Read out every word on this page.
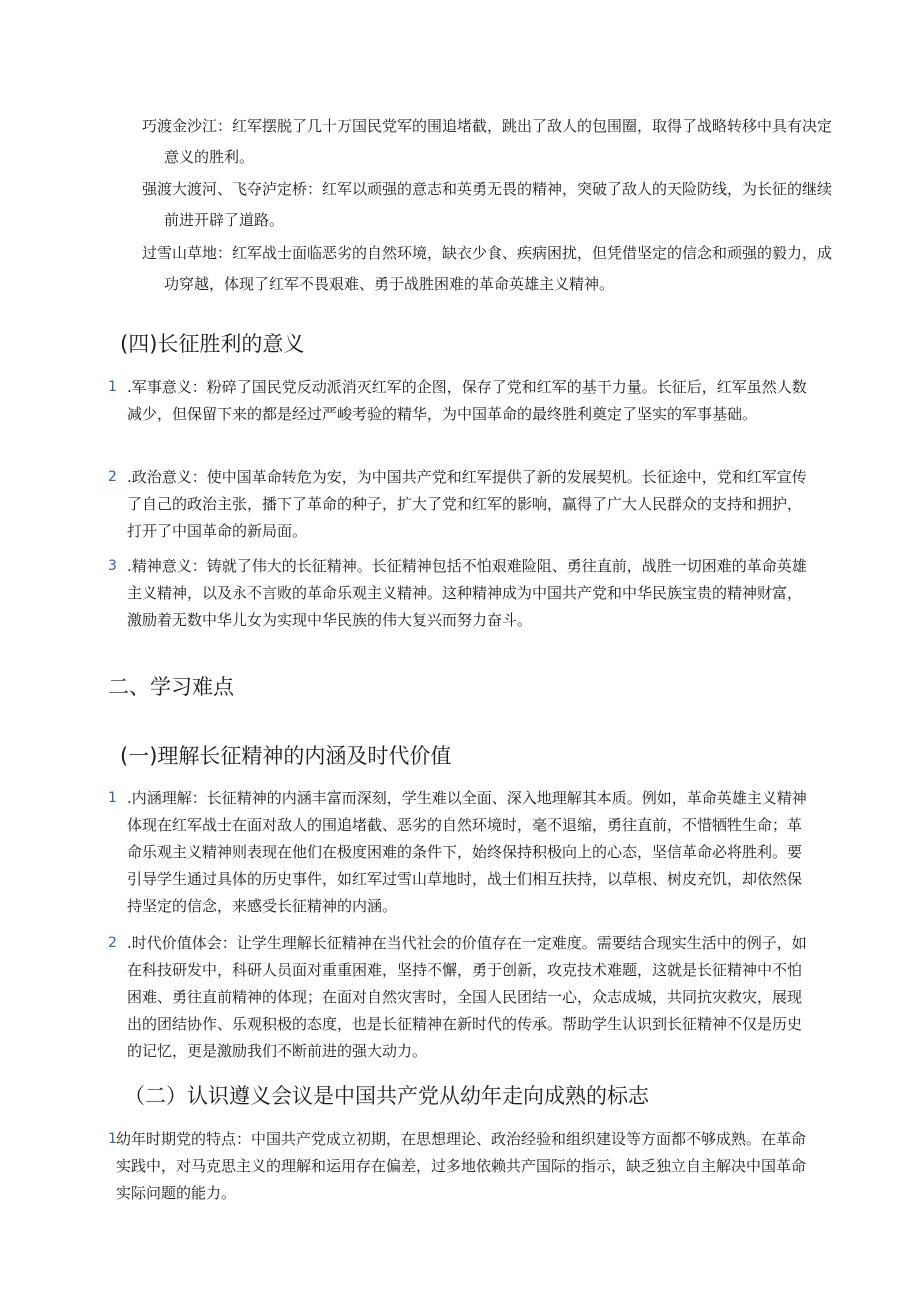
巧渡金沙江：红军摆脱了几十万国民党军的围追堵截，跳出了敌人的包围圈，取得了战略转移中具有决定意义的胜利。
强渡大渡河、飞夺泸定桥：红军以顽强的意志和英勇无畏的精神，突破了敌人的天险防线，为长征的继续前进开辟了道路。
过雪山草地：红军战士面临恶劣的自然环境，缺衣少食、疾病困扰，但凭借坚定的信念和顽强的毅力，成功穿越，体现了红军不畏艰难、勇于战胜困难的革命英雄主义精神。
(四)长征胜利的意义
1 .军事意义：粉碎了国民党反动派消灭红军的企图，保存了党和红军的基干力量。长征后，红军虽然人数减少，但保留下来的都是经过严峻考验的精华，为中国革命的最终胜利奠定了坚实的军事基础。
2 .政治意义：使中国革命转危为安，为中国共产党和红军提供了新的发展契机。长征途中，党和红军宣传了自己的政治主张，播下了革命的种子，扩大了党和红军的影响，赢得了广大人民群众的支持和拥护，打开了中国革命的新局面。
3 .精神意义：铸就了伟大的长征精神。长征精神包括不怕艰难险阻、勇往直前，战胜一切困难的革命英雄主义精神，以及永不言败的革命乐观主义精神。这种精神成为中国共产党和中华民族宝贵的精神财富，激励着无数中华儿女为实现中华民族的伟大复兴而努力奋斗。
二、学习难点
(一)理解长征精神的内涵及时代价值
1 .内涵理解：长征精神的内涵丰富而深刻，学生难以全面、深入地理解其本质。例如，革命英雄主义精神体现在红军战士在面对敌人的围追堵截、恶劣的自然环境时，毫不退缩，勇往直前，不惜牺牲生命；革命乐观主义精神则表现在他们在极度困难的条件下，始终保持积极向上的心态，坚信革命必将胜利。要引导学生通过具体的历史事件，如红军过雪山草地时，战士们相互扶持，以草根、树皮充饥，却依然保持坚定的信念，来感受长征精神的内涵。
2 .时代价值体会：让学生理解长征精神在当代社会的价值存在一定难度。需要结合现实生活中的例子，如在科技研发中，科研人员面对重重困难，坚持不懈，勇于创新，攻克技术难题，这就是长征精神中不怕困难、勇往直前精神的体现；在面对自然灾害时，全国人民团结一心，众志成城，共同抗灾救灾，展现出的团结协作、乐观积极的态度，也是长征精神在新时代的传承。帮助学生认识到长征精神不仅是历史的记忆，更是激励我们不断前进的强大动力。
（二）认识遵义会议是中国共产党从幼年走向成熟的标志
1 幼年时期党的特点：中国共产党成立初期，在思想理论、政治经验和组织建设等方面都不够成熟。在革命实践中，对马克思主义的理解和运用存在偏差，过多地依赖共产国际的指示，缺乏独立自主解决中国革命实际问题的能力。
